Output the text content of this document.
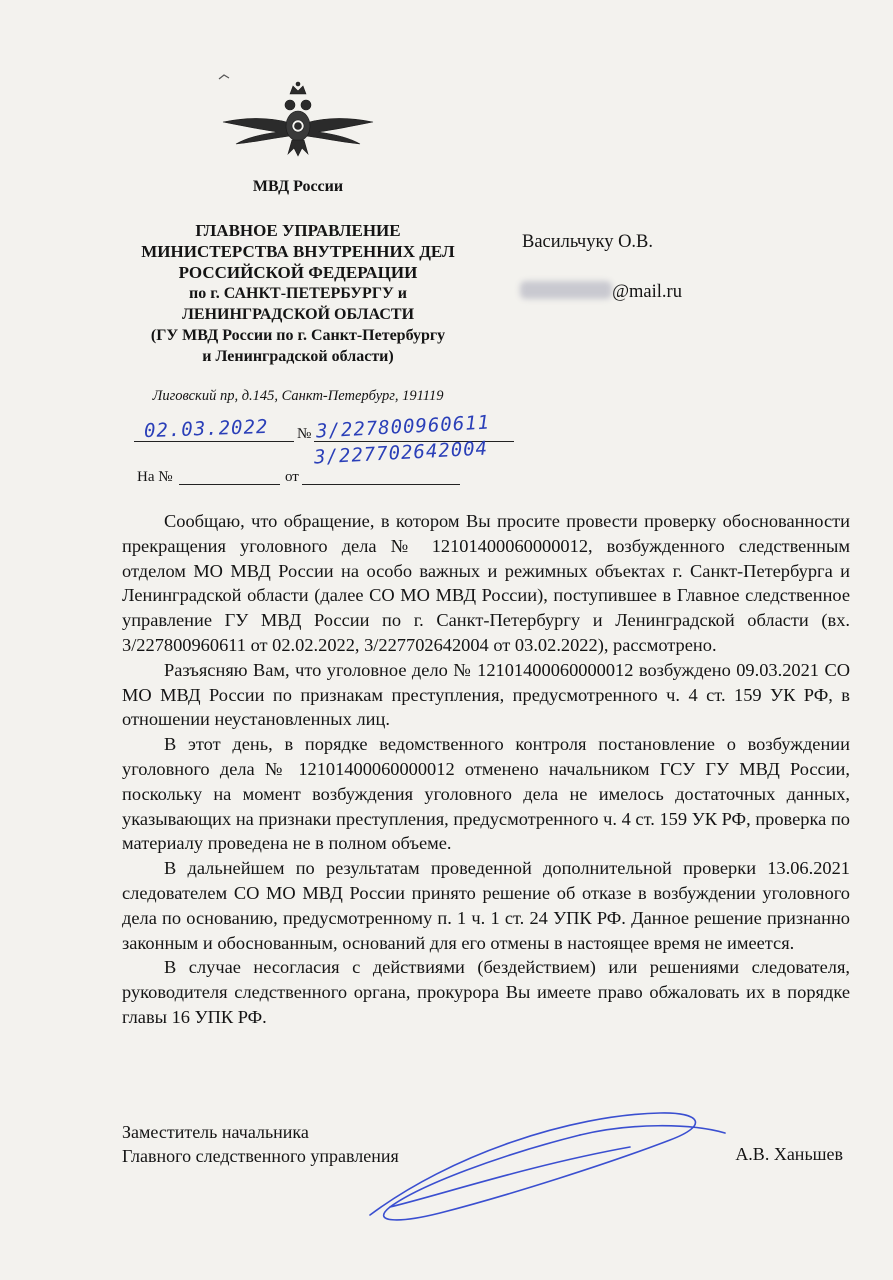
МВД России
ГЛАВНОЕ УПРАВЛЕНИЕ
МИНИСТЕРСТВА ВНУТРЕННИХ ДЕЛ
РОССИЙСКОЙ ФЕДЕРАЦИИ
по г. САНКТ-ПЕТЕРБУРГУ и
ЛЕНИНГРАДСКОЙ ОБЛАСТИ
(ГУ МВД России по г. Санкт-Петербургу
и Ленинградской области)
Лиговский пр, д.145, Санкт-Петербург, 191119
Васильчуку О.В.
@mail.ru
02.03.2022 № 3/227800960611
3/227702642004
На №	от

Сообщаю, что обращение, в котором Вы просите провести проверку обоснованности прекращения уголовного дела № 12101400060000012, возбужденного следственным отделом МО МВД России на особо важных и режимных объектах г. Санкт-Петербурга и Ленинградской области (далее СО МО МВД России), поступившее в Главное следственное управление ГУ МВД России по г. Санкт-Петербургу и Ленинградской области (вх. 3/227800960611 от 02.02.2022, 3/227702642004 от 03.02.2022), рассмотрено.

Разъясняю Вам, что уголовное дело № 12101400060000012 возбуждено 09.03.2021 СО МО МВД России по признакам преступления, предусмотренного ч. 4 ст. 159 УК РФ, в отношении неустановленных лиц.

В этот день, в порядке ведомственного контроля постановление о возбуждении уголовного дела № 12101400060000012 отменено начальником ГСУ ГУ МВД России, поскольку на момент возбуждения уголовного дела не имелось достаточных данных, указывающих на признаки преступления, предусмотренного ч. 4 ст. 159 УК РФ, проверка по материалу проведена не в полном объеме.

В дальнейшем по результатам проведенной дополнительной проверки 13.06.2021 следователем СО МО МВД России принято решение об отказе в возбуждении уголовного дела по основанию, предусмотренному п. 1 ч. 1 ст. 24 УПК РФ. Данное решение признанно законным и обоснованным, оснований для его отмены в настоящее время не имеется.

В случае несогласия с действиями (бездействием) или решениями следователя, руководителя следственного органа, прокурора Вы имеете право обжаловать их в порядке главы 16 УПК РФ.

Заместитель начальника
Главного следственного управления	А.В. Ханьшев
